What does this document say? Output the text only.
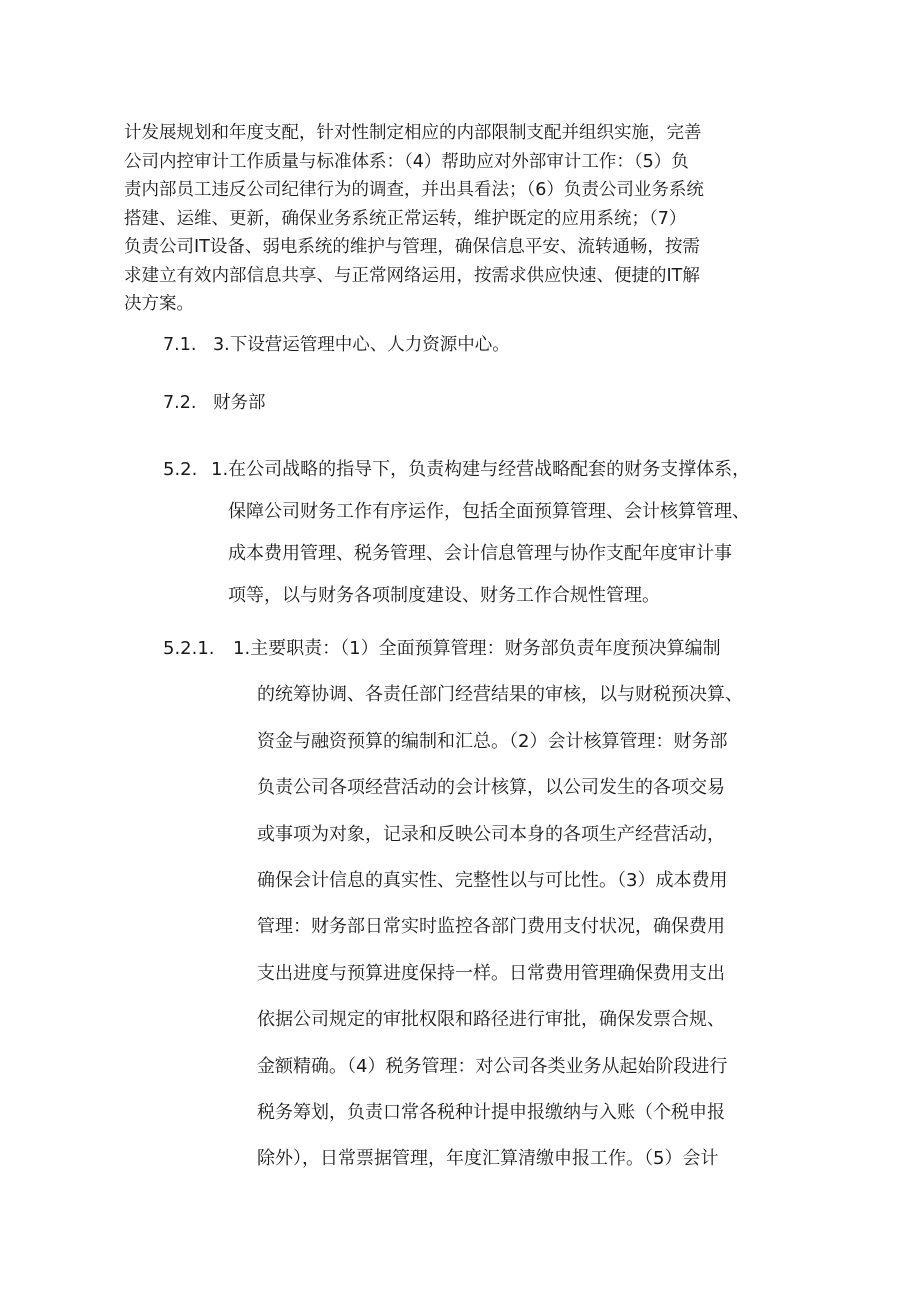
计发展规划和年度支配，针对性制定相应的内部限制支配并组织实施，完善
公司内控审计工作质量与标准体系：（4）帮助应对外部审计工作：（5）负
责内部员工违反公司纪律行为的调查，并出具看法；（6）负责公司业务系统
搭建、运维、更新，确保业务系统正常运转，维护既定的应用系统；（7）
负责公司IT设备、弱电系统的维护与管理，确保信息平安、流转通畅，按需
求建立有效内部信息共享、与正常网络运用，按需求供应快速、便捷的IT解
决方案。
7.1. 3.下设营运管理中心、人力资源中心。
7.2. 财务部
5.2. 1.在公司战略的指导下，负责构建与经营战略配套的财务支撑体系，
保障公司财务工作有序运作，包括全面预算管理、会计核算管理、
成本费用管理、税务管理、会计信息管理与协作支配年度审计事
项等，以与财务各项制度建设、财务工作合规性管理。
5.2.1. 1.主要职责：（1）全面预算管理：财务部负责年度预决算编制
的统筹协调、各责任部门经营结果的审核，以与财税预决算、
资金与融资预算的编制和汇总。（2）会计核算管理：财务部
负责公司各项经营活动的会计核算，以公司发生的各项交易
或事项为对象，记录和反映公司本身的各项生产经营活动，
确保会计信息的真实性、完整性以与可比性。（3）成本费用
管理：财务部日常实时监控各部门费用支付状况，确保费用
支出进度与预算进度保持一样。日常费用管理确保费用支出
依据公司规定的审批权限和路径进行审批，确保发票合规、
金额精确。（4）税务管理：对公司各类业务从起始阶段进行
税务筹划，负责口常各税种计提申报缴纳与入账（个税申报
除外），日常票据管理，年度汇算清缴申报工作。（5）会计
